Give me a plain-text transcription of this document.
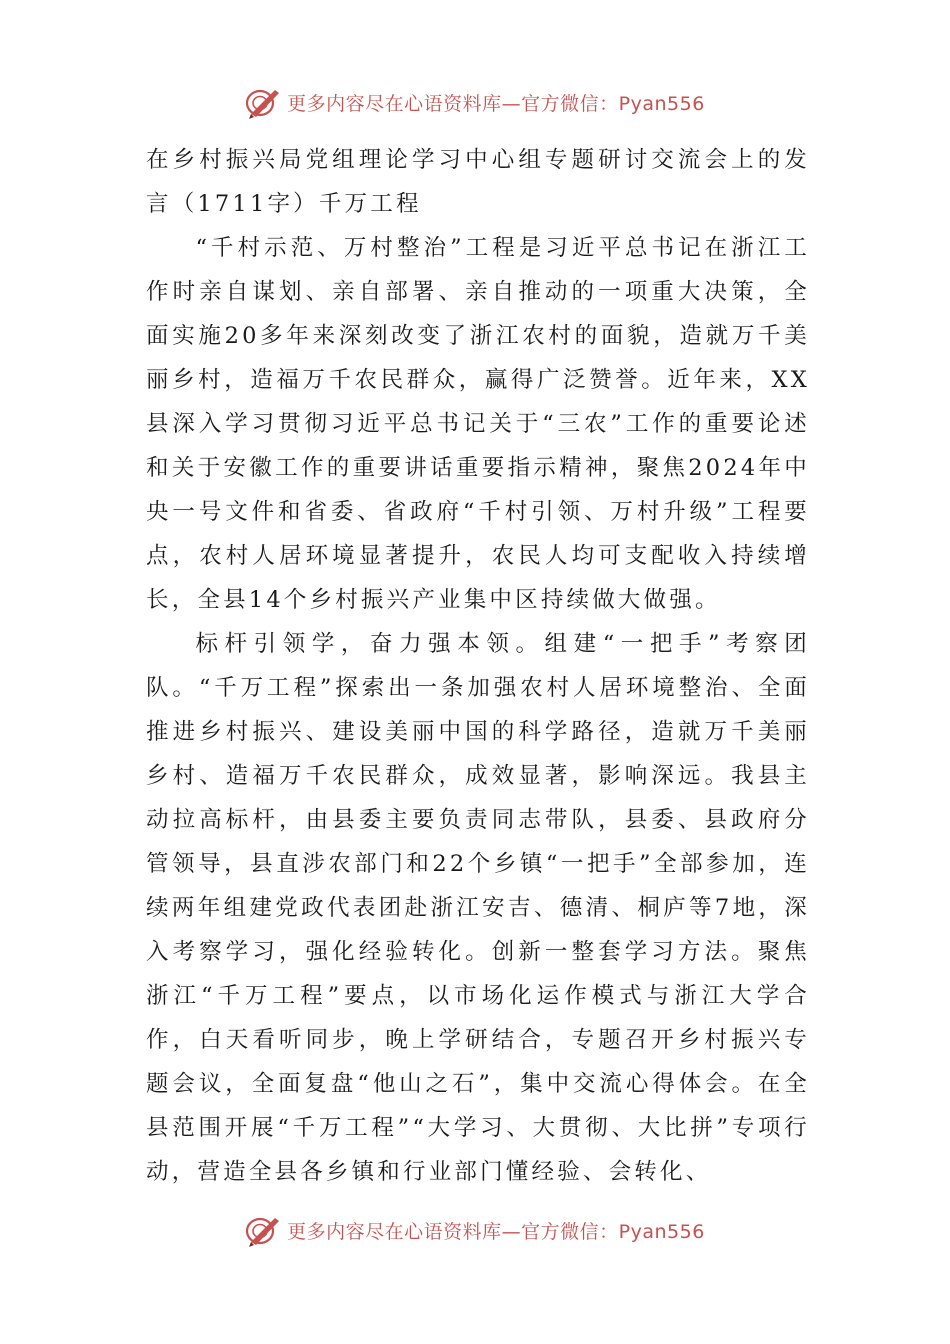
更多内容尽在心语资料库—官方微信：Pyan556

在乡村振兴局党组理论学习中心组专题研讨交流会上的发言（1711字）千万工程

“千村示范、万村整治”工程是习近平总书记在浙江工作时亲自谋划、亲自部署、亲自推动的一项重大决策，全面实施20多年来深刻改变了浙江农村的面貌，造就万千美丽乡村，造福万千农民群众，赢得广泛赞誉。近年来，XX县深入学习贯彻习近平总书记关于“三农”工作的重要论述和关于安徽工作的重要讲话重要指示精神，聚焦2024年中央一号文件和省委、省政府“千村引领、万村升级”工程要点，农村人居环境显著提升，农民人均可支配收入持续增长，全县14个乡村振兴产业集中区持续做大做强。

标杆引领学，奋力强本领。组建“一把手”考察团队。“千万工程”探索出一条加强农村人居环境整治、全面推进乡村振兴、建设美丽中国的科学路径，造就万千美丽乡村、造福万千农民群众，成效显著，影响深远。我县主动拉高标杆，由县委主要负责同志带队，县委、县政府分管领导，县直涉农部门和22个乡镇“一把手”全部参加，连续两年组建党政代表团赴浙江安吉、德清、桐庐等7地，深入考察学习，强化经验转化。创新一整套学习方法。聚焦浙江“千万工程”要点，以市场化运作模式与浙江大学合作，白天看听同步，晚上学研结合，专题召开乡村振兴专题会议，全面复盘“他山之石”，集中交流心得体会。在全县范围开展“千万工程”“大学习、大贯彻、大比拼”专项行动，营造全县各乡镇和行业部门懂经验、会转化、

更多内容尽在心语资料库—官方微信：Pyan556
